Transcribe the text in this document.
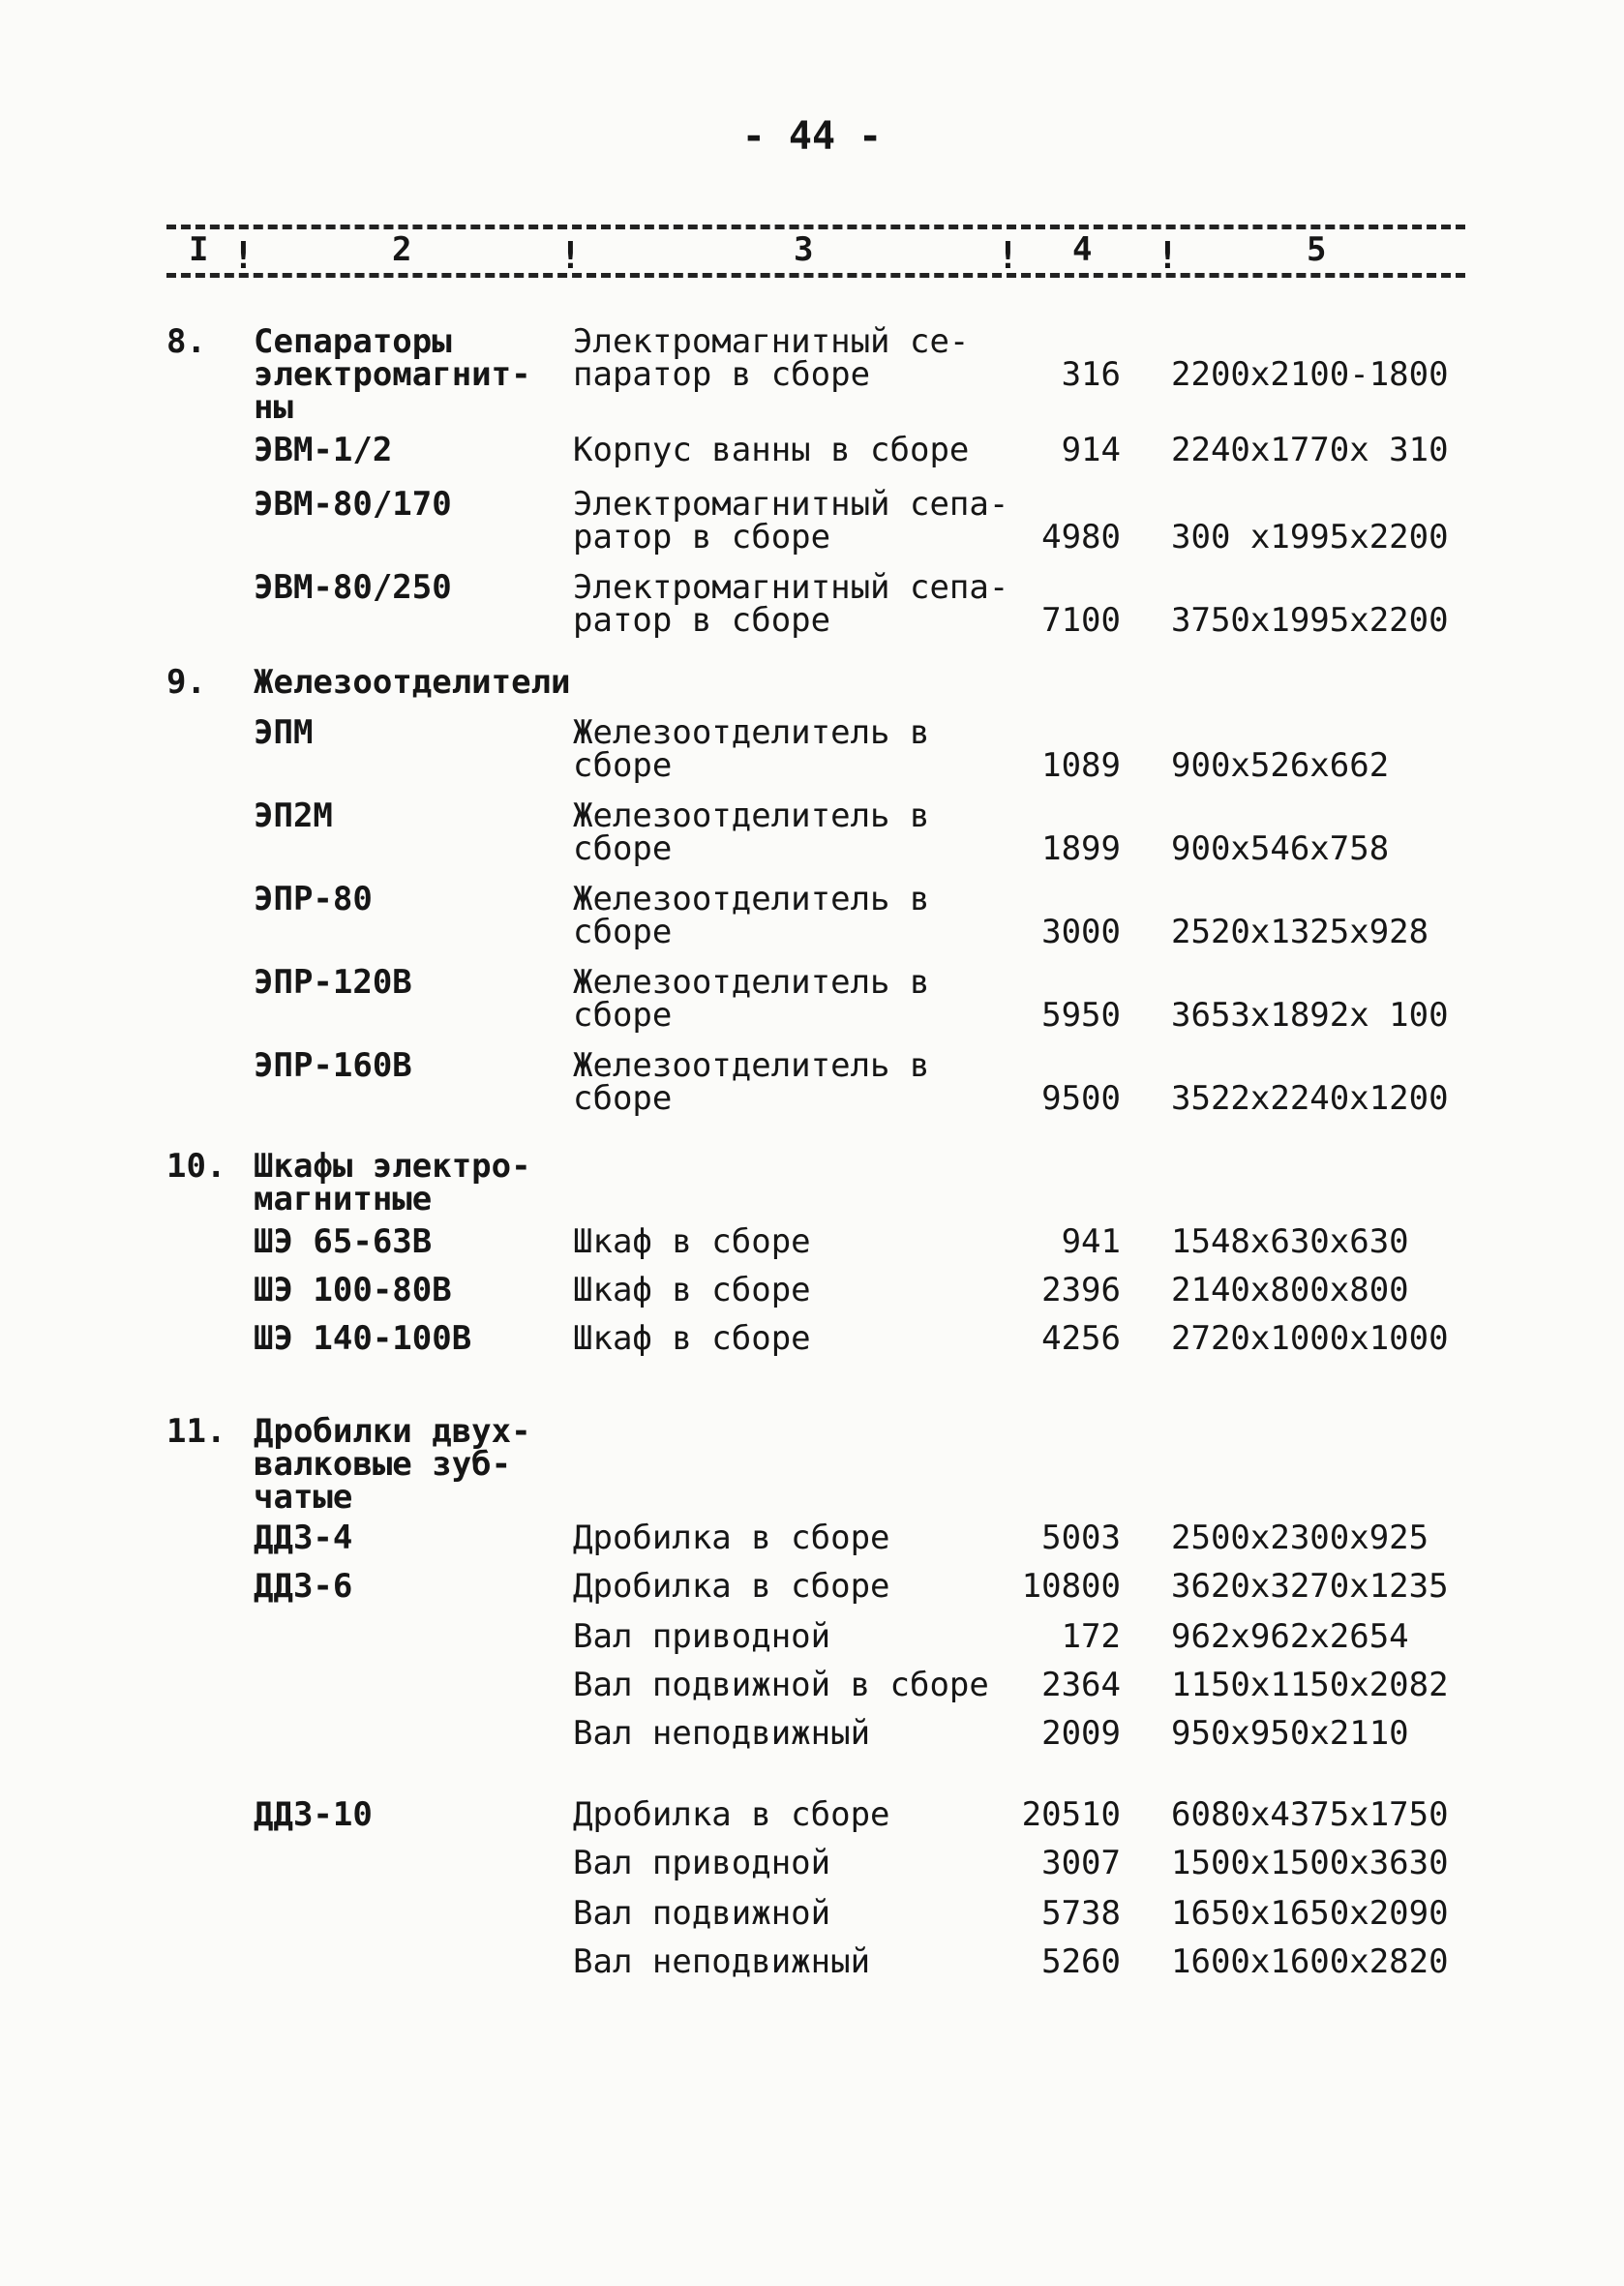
- 44 -
I !	2	!	3	! 4 !	5
8. Сепараторы
электромагнит-
ны
Электромагнитный се-
паратор в сборе	316 2200x2100-1800
ЭВМ-1/2	Корпус ванны в сборе	914 2240x1770x 310
ЭВМ-80/170	Электромагнитный сепа-
ратор в сборе	4980 300 x1995x2200
ЭВМ-80/250	Электромагнитный сепа-
ратор в сборе	7100 3750x1995x2200
9. Железоотделители
ЭПМ	Железоотделитель в
сборе	1089 900x526x662
ЭП2М	Железоотделитель в
сборе	1899 900x546x758
ЭПР-80	Железоотделитель в
сборе	3000 2520x1325x928
ЭПР-120В	Железоотделитель в
сборе	5950 3653x1892x 100
ЭПР-160В	Железоотделитель в
сборе	9500 3522x2240x1200
10. Шкафы электро-
магнитные
ШЭ 65-63В	Шкаф в сборе	941 1548x630x630
ШЭ 100-80В	Шкаф в сборе	2396 2140x800x800
ШЭ 140-100В	Шкаф в сборе	4256 2720x1000x1000
11. Дробилки двух-
валковые зуб-
чатые
ДДЗ-4	Дробилка в сборе	5003 2500x2300x925
ДДЗ-6	Дробилка в сборе	10800 3620x3270x1235
Вал приводной	172 962x962x2654
Вал подвижной в сборе	2364 1150x1150x2082
Вал неподвижный	2009 950x950x2110
ДДЗ-10	Дробилка в сборе	20510 6080x4375x1750
Вал приводной	3007 1500x1500x3630
Вал подвижной	5738 1650x1650x2090
Вал неподвижный	5260 1600x1600x2820
